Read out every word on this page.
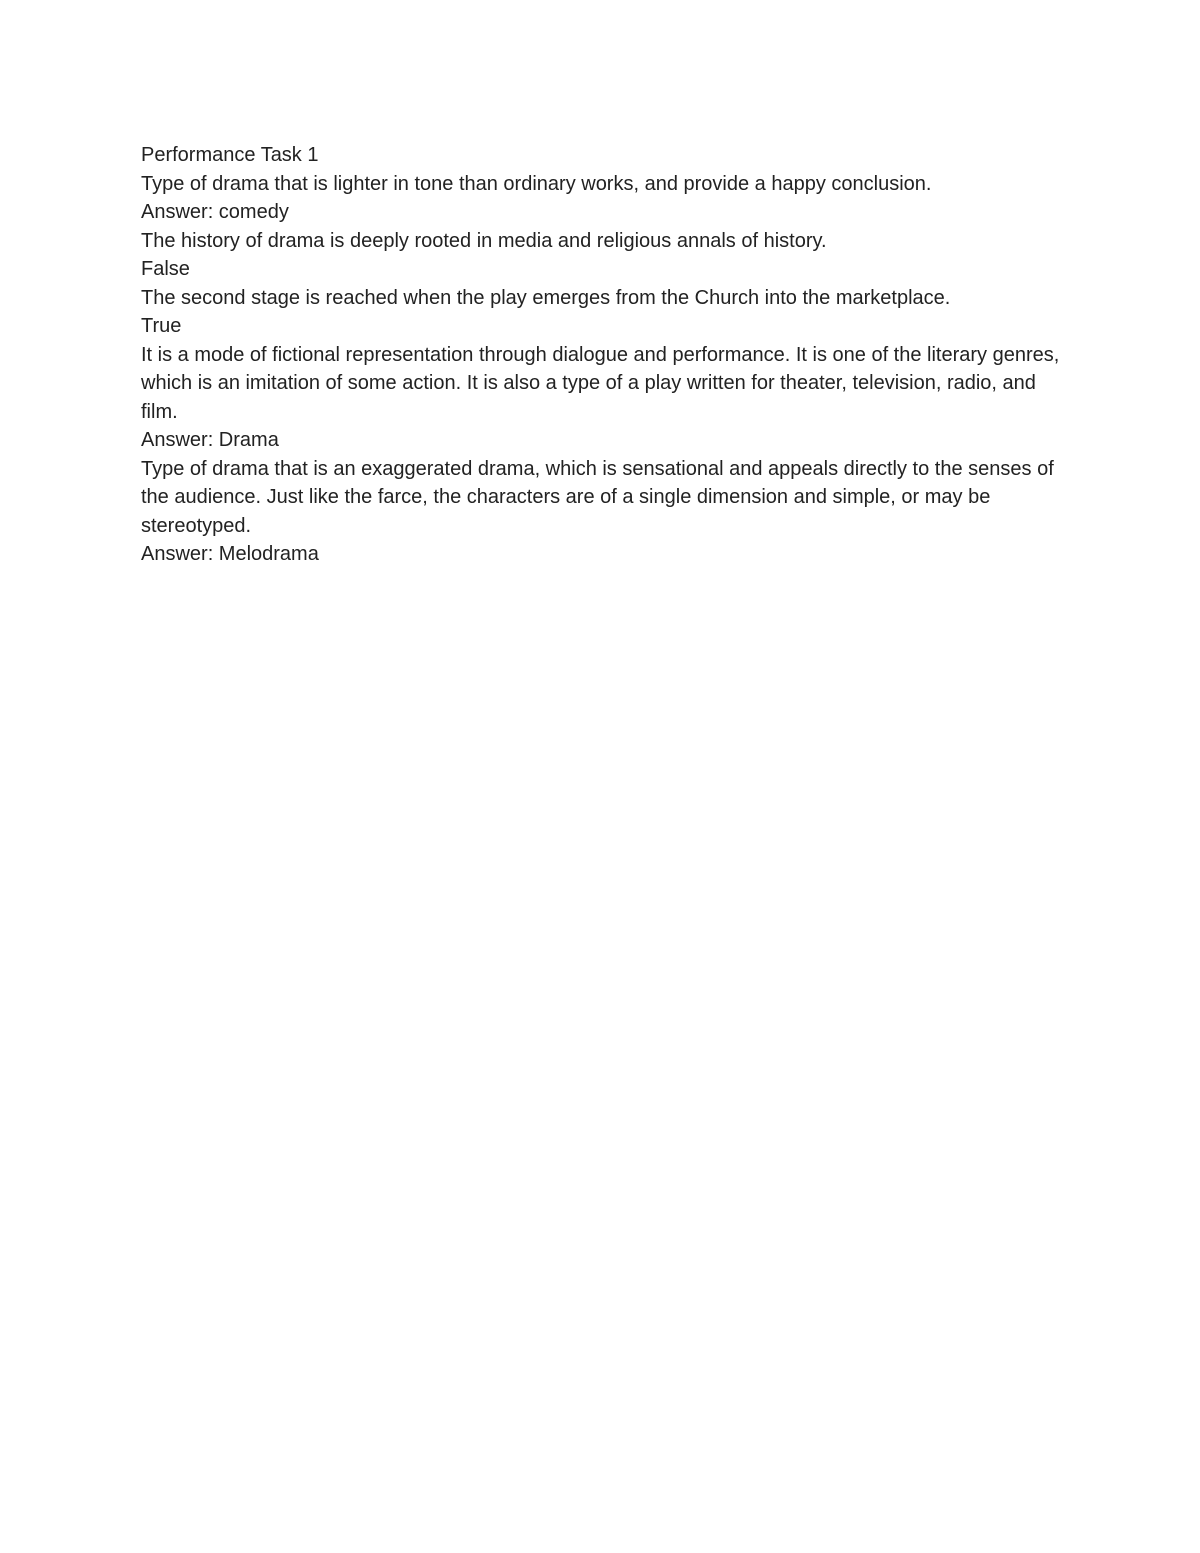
Performance Task 1

Type of drama that is lighter in tone than ordinary works, and provide a happy conclusion.

Answer: comedy

The history of drama is deeply rooted in media and religious annals of history.

False

The second stage is reached when the play emerges from the Church into the marketplace.

True

It is a mode of fictional representation through dialogue and performance. It is one of the literary genres, which is an imitation of some action. It is also a type of a play written for theater, television, radio, and film.

Answer: Drama

Type of drama that is an exaggerated drama, which is sensational and appeals directly to the senses of the audience. Just like the farce, the characters are of a single dimension and simple, or may be stereotyped.

Answer: Melodrama
